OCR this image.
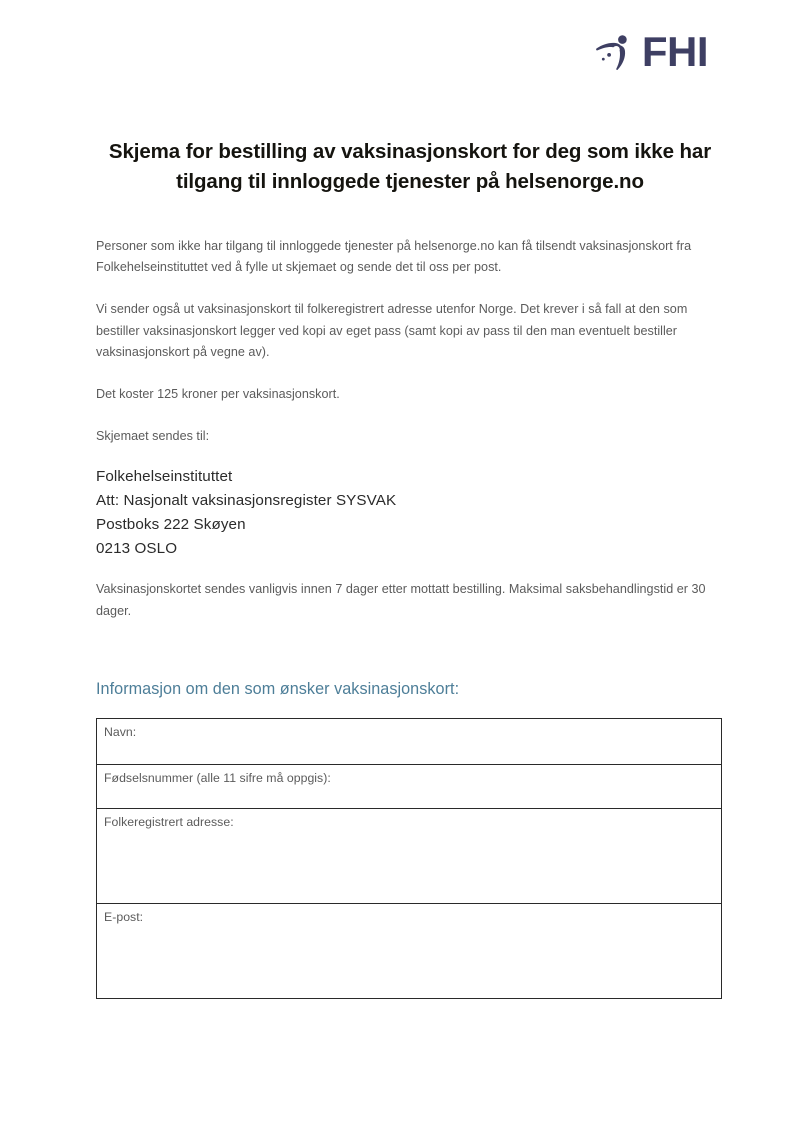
FHI
Skjema for bestilling av vaksinasjonskort for deg som ikke har tilgang til innloggede tjenester på helsenorge.no

Personer som ikke har tilgang til innloggede tjenester på helsenorge.no kan få tilsendt vaksinasjonskort fra Folkehelseinstituttet ved å fylle ut skjemaet og sende det til oss per post.

Vi sender også ut vaksinasjonskort til folkeregistrert adresse utenfor Norge. Det krever i så fall at den som bestiller vaksinasjonskort legger ved kopi av eget pass (samt kopi av pass til den man eventuelt bestiller vaksinasjonskort på vegne av).

Det koster 125 kroner per vaksinasjonskort.

Skjemaet sendes til:

Folkehelseinstituttet
Att: Nasjonalt vaksinasjonsregister SYSVAK
Postboks 222 Skøyen
0213 OSLO

Vaksinasjonskortet sendes vanligvis innen 7 dager etter mottatt bestilling. Maksimal saksbehandlingstid er 30 dager.

Informasjon om den som ønsker vaksinasjonskort:
Navn:

Fødselsnummer (alle 11 sifre må oppgis):

Folkeregistrert adresse:

E-post:
